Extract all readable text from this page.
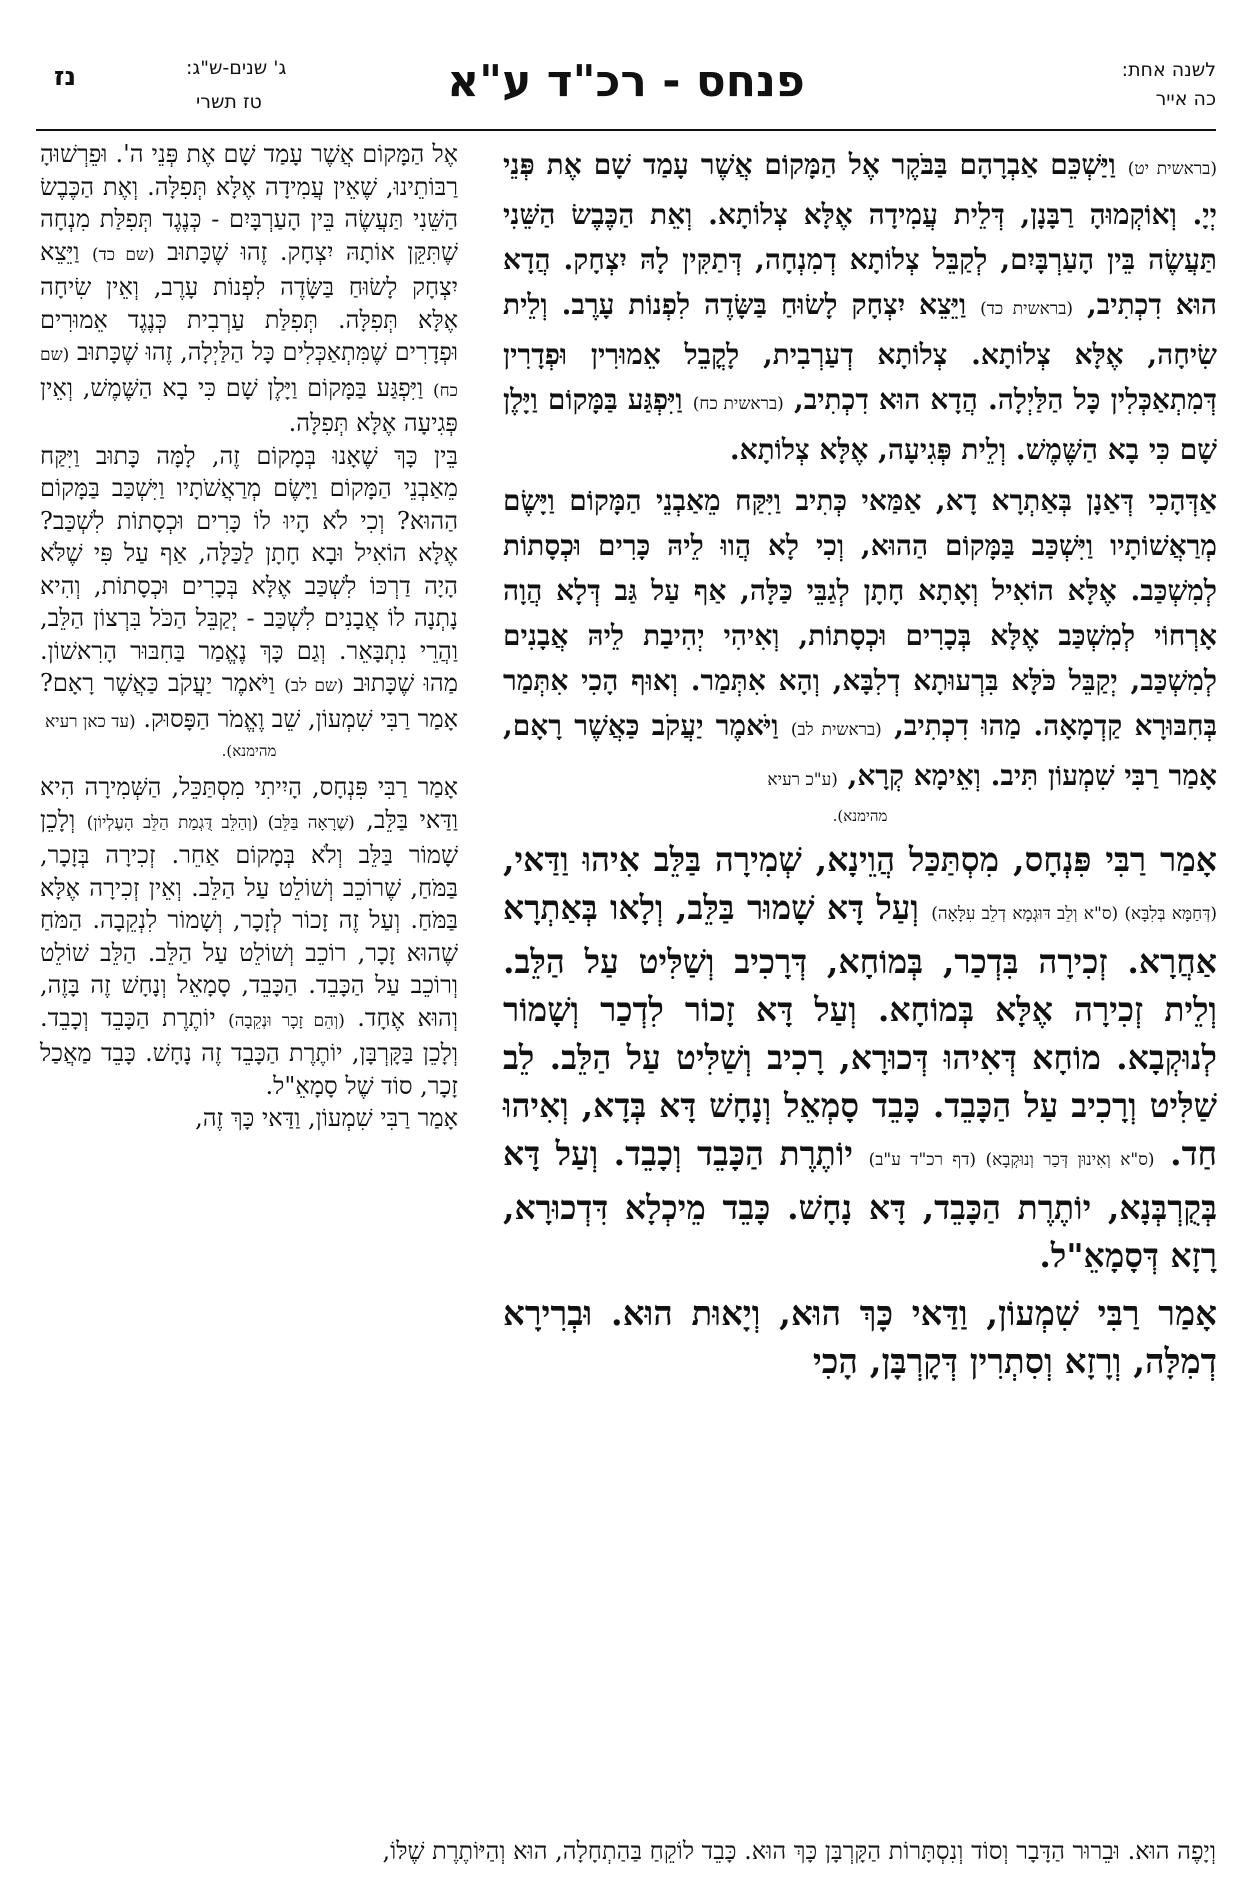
לשנה אחת:
כה אייר
פנחס - רכ"ד ע"א
ג' שנים-ש"ג:
טז תשרי
נז

(בראשית יט) וַיַּשְׁכֵּם אַבְרָהָם בַּבֹּקֶר אֶל הַמָּקוֹם אֲשֶׁר עָמַד שָׁם אֶת פְּנֵי יְיָ. וְאוֹקְמוּהָ רַבָּנָן, דְּלֵית עֲמִידָה אֶלָּא צְלוֹתָא. וְאֵת הַכֶּבֶשׂ הַשֵּׁנִי תַּעֲשֶׂה בֵּין הָעַרְבָּיִם, לְקַבֵּל צְלוֹתָא דְמִנְחָה, דְּתַקִּין לָהּ יִצְחָק. הֲדָא הוּא דִכְתִיב, (בראשית כד) וַיֵּצֵא יִצְחָק לָשׂוּחַ בַּשָּׂדֶה לִפְנוֹת עָרֶב. וְלֵית שִׂיחָה, אֶלָּא צְלוֹתָא. צְלוֹתָא דְעַרְבִית, לָקֳבֵל אֵמוּרִין וּפְדָרִין דְּמִתְאַכְּלִין כָּל הַלַּיְלָה. הֲדָא הוּא דִכְתִיב, (בראשית כח) וַיִּפְגַּע בַּמָּקוֹם וַיָּלֶן שָׁם כִּי בָא הַשֶּׁמֶשׁ. וְלֵית פְּגִיעָה, אֶלָּא צְלוֹתָא.

אַדְּהָכִי דְּאַנָן בְּאַתְרָא דָא, אַמַּאי כְּתִיב וַיִּקַּח מֵאַבְנֵי הַמָּקוֹם וַיָּשֶׂם מְרַאֲשׁוֹתָיו וַיִּשְׁכַּב בַּמָּקוֹם הַהוּא, וְכִי לָא הֲווּ לֵיהּ כָּרִים וּכְסָתוֹת לְמִשְׁכַּב. אֶלָּא הוֹאִיל וְאָתָא חָתָן לְגַבֵּי כַּלָּה, אַף עַל גַּב דְּלָא הֲוָה אָרְחוֹי לְמִשְׁכַּב אֶלָּא בְּכָרִים וּכְסָתוֹת, וְאִיהִי יְהִיבַת לֵיהּ אֲבָנִים לְמִשְׁכַּב, יְקַבֵּל כֹּלָּא בִּרְעוּתָא דְלִבָּא, וְהָא אִתְּמַר. וְאוּף הָכִי אִתְּמַר בְּחִבּוּרָא קַדְמָאָה. מַהוּ דִכְתִיב, (בראשית לב) וַיֹּאמֶר יַעֲקֹב כַּאֲשֶׁר רָאָם, אָמַר רַבִּי שִׁמְעוֹן תִּיב. וְאֵימָא קְרָא, (ע"כ רעיא

מהימנא).

אָמַר רַבִּי פִּנְחָס, מִסְתַּכַּל הֲוֵינָא, שְׁמִירָה בַּלֵּב אִיהוּ וַדַּאי, (דְּחַמָּא בְּלִבָּא) (ס"א וְלֵב דּוּגְמָא דְלֵב עִלָּאָה) וְעַל דָּא שָׁמוּר בַּלֵּב, וְלָאו בְּאַתְרָא אַחֲרָא. זְכִירָה בִּדְכַר, בְּמוֹחָא, דְּרָכִיב וְשַׁלִּיט עַל הַלֵּב. וְלֵית זְכִירָה אֶלָּא בְּמוֹחָא. וְעַל דָּא זָכוֹר לִדְכַר וְשָׁמוֹר לְנוּקְבָא. מוֹחָא דְּאִיהוּ דְּכוּרָא, רָכִיב וְשַׁלִּיט עַל הַלֵּב. לֵב שַׁלִּיט וְרָכִיב עַל הַכָּבֵד. כָּבֵד סָמְאֵל וְנָחָשׁ דָּא בְּדָא, וְאִיהוּ חַד. (ס"א וְאִינוּן דְּכַר וְנוּקְבָא) (דף רכ"ד ע"ב) יוֹתֶרֶת הַכָּבֵד וְכָבֵד. וְעַל דָּא בְּקֻרְבְּנָא, יוֹתֶרֶת הַכָּבֵד, דָּא נָחָשׁ. כָּבֵד מֵיכְלָא דִּדְכוּרָא, רָזָא דְּסָמָאֵ"ל.

אָמַר רַבִּי שִׁמְעוֹן, וַדַּאי כָּךְ הוּא, וְיָאוּת הוּא. וּבְרִירָא דְמִלָּה, וְרָזָא וְסִתְרִין דְּקָרְבָּן, הָכִי

אֶל הַמָּקוֹם אֲשֶׁר עָמַד שָׁם אֶת פְּנֵי ה'. וּפֵרְשׁוּהָ רַבּוֹתֵינוּ, שֶׁאֵין עֲמִידָה אֶלָּא תְּפִלָּה. וְאֶת הַכֶּבֶשׂ הַשֵּׁנִי תַּעֲשֶׂה בֵּין הָעַרְבָּיִם - כְּנֶגֶד תְּפִלַּת מִנְחָה שֶׁתִּקֵּן אוֹתָהּ יִצְחָק. זֶהוּ שֶׁכָּתוּב (שם כד) וַיֵּצֵא יִצְחָק לָשׂוּחַ בַּשָּׂדֶה לִפְנוֹת עָרֶב, וְאֵין שִׂיחָה אֶלָּא תְּפִלָּה. תְּפִלַּת עַרְבִית כְּנֶגֶד אֵמוּרִים וּפְדָרִים שֶׁמִּתְאַכְּלִים כָּל הַלַּיְלָה, זֶהוּ שֶׁכָּתוּב (שם כח) וַיִּפְגַּע בַּמָּקוֹם וַיָּלֶן שָׁם כִּי בָא הַשֶּׁמֶשׁ, וְאֵין פְּגִיעָה אֶלָּא תְּפִלָּה.

בֵּין כָּךְ שֶׁאָנוּ בְּמָקוֹם זֶה, לָמָּה כָּתוּב וַיִּקַּח מֵאַבְנֵי הַמָּקוֹם וַיָּשֶׂם מְרַאֲשֹׁתָיו וַיִּשְׁכַּב בַּמָּקוֹם הַהוּא? וְכִי לֹא הָיוּ לוֹ כָּרִים וּכְסָתוֹת לִשְׁכַּב? אֶלָּא הוֹאִיל וּבָא חָתָן לַכַּלָּה, אַף עַל פִּי שֶׁלֹּא הָיָה דַרְכּוֹ לִשְׁכַּב אֶלָּא בְּכָרִים וּכְסָתוֹת, וְהִיא נָתְנָה לוֹ אֲבָנִים לִשְׁכַּב - יְקַבֵּל הַכֹּל בִּרְצוֹן הַלֵּב, וַהֲרֵי נִתְבָּאֵר. וְגַם כָּךְ נֶאֱמַר בַּחִבּוּר הָרִאשׁוֹן. מַהוּ שֶׁכָּתוּב (שם לב) וַיֹּאמֶר יַעֲקֹב כַּאֲשֶׁר רָאָם? אָמַר רַבִּי שִׁמְעוֹן, שֵׁב וֶאֱמֹר הַפָּסוּק. (עד כאן רעיא

מהימנא).

אָמַר רַבִּי פִּנְחָס, הָיִיתִי מִסְתַּכֵּל, הַשְּׁמִירָה הִיא וַדַּאי בַּלֵּב, (שֶׁרָאָה בַּלֵּב) (וְהַלֵּב דֻּגְמַת הַלֵּב הָעֶלְיוֹן) וְלָכֵן שָׁמוֹר בַּלֵּב וְלֹא בְּמָקוֹם אַחֵר. זְכִירָה בְּזָכָר, בַּמֹּחַ, שֶׁרוֹכֵב וְשׁוֹלֵט עַל הַלֵּב. וְאֵין זְכִירָה אֶלָּא בַּמֹּחַ. וְעַל זֶה זָכוֹר לְזָכָר, וְשָׁמוֹר לִנְקֵבָה. הַמֹּחַ שֶׁהוּא זָכָר, רוֹכֵב וְשׁוֹלֵט עַל הַלֵּב. הַלֵּב שׁוֹלֵט וְרוֹכֵב עַל הַכָּבֵד. הַכָּבֵד, סָמָאֵל וְנָחָשׁ זֶה בָּזֶה, וְהוּא אֶחָד. (וְהֵם זָכָר וּנְקֵבָה) יוֹתֶרֶת הַכָּבֵד וְכָבֵד. וְלָכֵן בַּקָּרְבָּן, יוֹתֶרֶת הַכָּבֵד זֶה נָחָשׁ. כָּבֵד מַאֲכַל זָכָר, סוֹד שֶׁל סָמָאֵ"ל.

אָמַר רַבִּי שִׁמְעוֹן, וַדַּאי כָּךְ זֶה,

וְיָפֶה הוּא. וּבֵרוּר הַדָּבָר וְסוֹד וְנִסְתָּרוֹת הַקָּרְבָּן כָּךְ הוּא. כָּבֵד לוֹקֵחַ בַּהַתְחָלָה, הוּא וְהַיּוֹתֶרֶת שֶׁלּוֹ,
